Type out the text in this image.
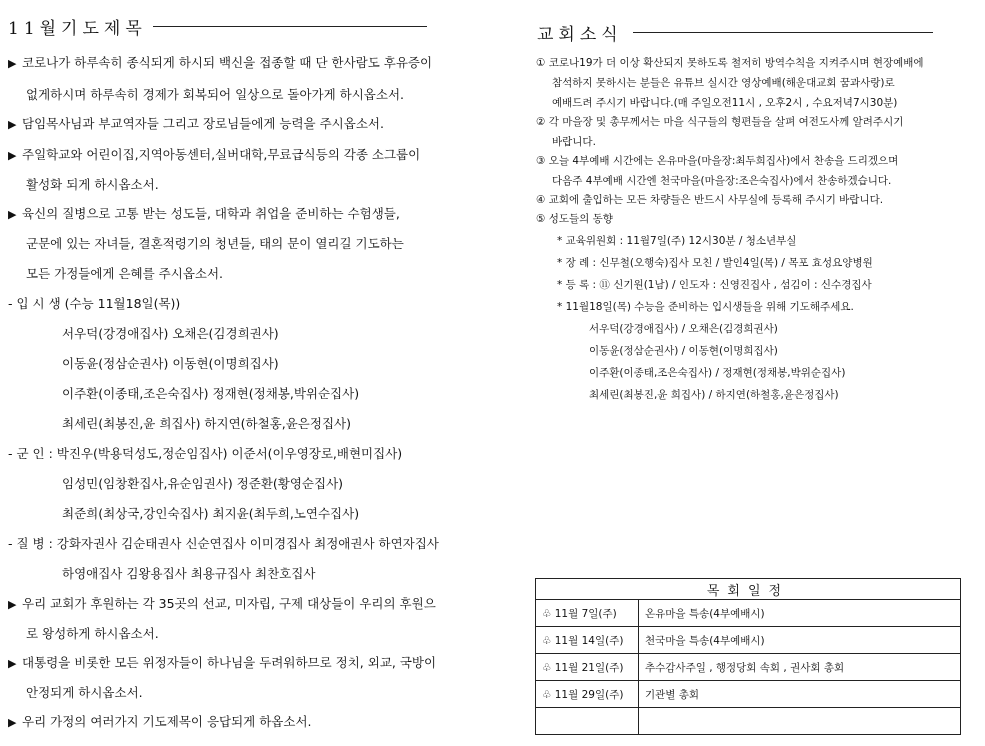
11월기도제목
▶ 코로나가 하루속히 종식되게 하시되 백신을 접종할 때 단 한사람도 후유증이
없게하시며 하루속히 경제가 회복되어 일상으로 돌아가게 하시옵소서.
▶ 담임목사님과 부교역자들 그리고 장로님들에게 능력을 주시옵소서.
▶ 주일학교와 어린이집,지역아동센터,실버대학,무료급식등의 각종 소그룹이
활성화 되게 하시옵소서.
▶ 육신의 질병으로 고통 받는 성도들, 대학과 취업을 준비하는 수험생들,
군문에 있는 자녀들, 결혼적령기의 청년들, 태의 문이 열리길 기도하는
모든 가정들에게 은혜를 주시옵소서.
- 입 시 생 (수능 11월18일(목))
서우덕(강경애집사) 오채은(김경희권사)
이동윤(정삼순권사) 이동현(이명희집사)
이주환(이종태,조은숙집사) 정재현(정채봉,박위순집사)
최세린(최봉진,윤 희집사) 하지연(하철홍,윤은정집사)
- 군 인 : 박진우(박용덕성도,정순임집사) 이준서(이우영장로,배현미집사)
임성민(임창환집사,유순임권사) 정준환(황영순집사)
최준희(최상국,강인숙집사) 최지윤(최두희,노연수집사)
- 질 병 : 강화자권사 김순태권사 신순연집사 이미경집사 최정애권사 하연자집사
하영애집사 김왕용집사 최용규집사 최찬호집사
▶ 우리 교회가 후원하는 각 35곳의 선교, 미자립, 구제 대상들이 우리의 후원으
로 왕성하게 하시옵소서.
▶ 대통령을 비롯한 모든 위정자들이 하나님을 두려워하므로 정치, 외교, 국방이
안정되게 하시옵소서.
▶ 우리 가정의 여러가지 기도제목이 응답되게 하옵소서.
교회소식
① 코로나19가 더 이상 확산되지 못하도록 철저히 방역수칙을 지켜주시며 현장예배에
참석하지 못하시는 분들은 유튜브 실시간 영상예배(해운대교회 꿈과사랑)로
예배드려 주시기 바랍니다.(매 주일오전11시 , 오후2시 , 수요저녁7시30분)
② 각 마을장 및 총무께서는 마을 식구들의 형편들을 살펴 여전도사께 알려주시기
바랍니다.
③ 오늘 4부예배 시간에는 온유마을(마을장:최두희집사)에서 찬송을 드리겠으며
다음주 4부예배 시간엔 천국마을(마을장:조은숙집사)에서 찬송하겠습니다.
④ 교회에 출입하는 모든 차량들은 반드시 사무실에 등록해 주시기 바랍니다.
⑤ 성도들의 동향
* 교육위원회 : 11월7일(주) 12시30분 / 청소년부실
* 장 례 : 신무철(오행숙)집사 모친 / 발인4일(목) / 목포 효성요양병원
* 등 록 : ⑪ 신기원(1남) / 인도자 : 신영진집사 , 섬김이 : 신수경집사
* 11월18일(목) 수능을 준비하는 입시생들을 위해 기도해주세요.
서우덕(강경애집사) / 오채은(김경희권사)
이동윤(정삼순권사) / 이동현(이명희집사)
이주환(이종태,조은숙집사) / 정재현(정채봉,박위순집사)
최세린(최봉진,윤 희집사) / 하지연(하철홍,윤은정집사)
목회일정	
♧ 11월 7일(주)	온유마을 특송(4부예배시)
♧ 11월 14일(주)	천국마을 특송(4부예배시)
♧ 11월 21일(주)	추수감사주일 , 행정당회 속회 , 권사회 총회
♧ 11월 29일(주)	기관별 총회
